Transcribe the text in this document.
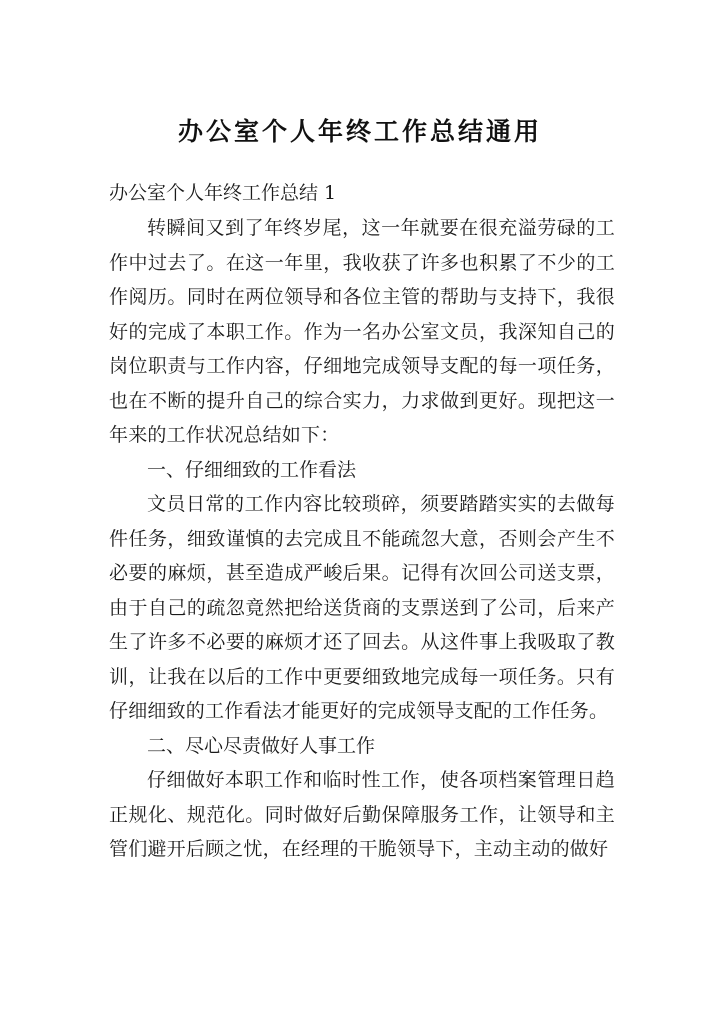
办公室个人年终工作总结通用
办公室个人年终工作总结 1

转瞬间又到了年终岁尾，这一年就要在很充溢劳碌的工作中过去了。在这一年里，我收获了许多也积累了不少的工作阅历。同时在两位领导和各位主管的帮助与支持下，我很好的完成了本职工作。作为一名办公室文员，我深知自己的岗位职责与工作内容，仔细地完成领导支配的每一项任务，也在不断的提升自己的综合实力，力求做到更好。现把这一年来的工作状况总结如下：

一、仔细细致的工作看法

文员日常的工作内容比较琐碎，须要踏踏实实的去做每件任务，细致谨慎的去完成且不能疏忽大意，否则会产生不必要的麻烦，甚至造成严峻后果。记得有次回公司送支票，由于自己的疏忽竟然把给送货商的支票送到了公司，后来产生了许多不必要的麻烦才还了回去。从这件事上我吸取了教训，让我在以后的工作中更要细致地完成每一项任务。只有仔细细致的工作看法才能更好的完成领导支配的工作任务。

二、尽心尽责做好人事工作

仔细做好本职工作和临时性工作，使各项档案管理日趋正规化、规范化。同时做好后勤保障服务工作，让领导和主管们避开后顾之忧，在经理的干脆领导下，主动主动的做好
